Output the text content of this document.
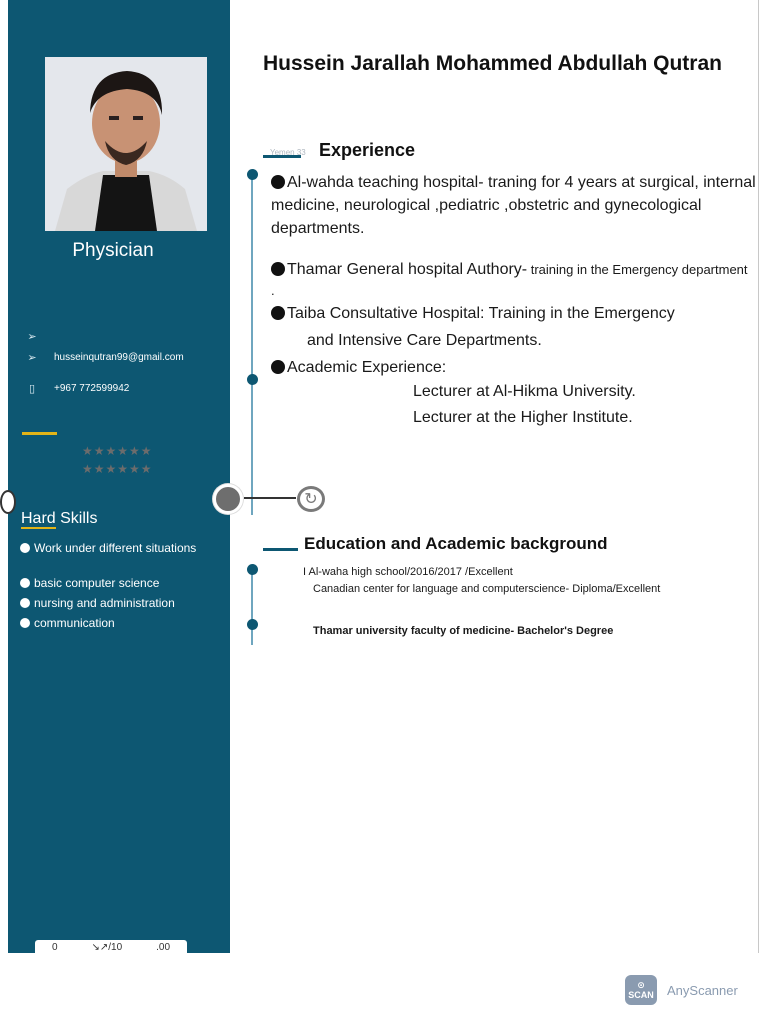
Physician
➢
➢	husseinqutran99@gmail.com
▯	+967 772599942
★★★★★★
★★★★★★
Hard Skills
Work under different situations
basic computer science
nursing and administration
communication
0	↘↗/10	.00
Hussein Jarallah Mohammed Abdullah Qutran
Yemen 33 Experience
Al-wahda teaching hospital- traning for 4 years at surgical, internal medicine, neurological ,pediatric ,obstetric and gynecological departments.
Thamar General hospital Authory- training in the Emergency department .
Taiba Consultative Hospital: Training in the Emergency
and Intensive Care Departments.
Academic Experience:
Lecturer at Al-Hikma University.
Lecturer at the Higher Institute.
↻
Education and Academic background
I Al-waha high school/2016/2017 /Excellent
Canadian center for language and computerscience- Diploma/Excellent
Thamar university faculty of medicine- Bachelor's Degree
⊙
SCAN AnyScanner
